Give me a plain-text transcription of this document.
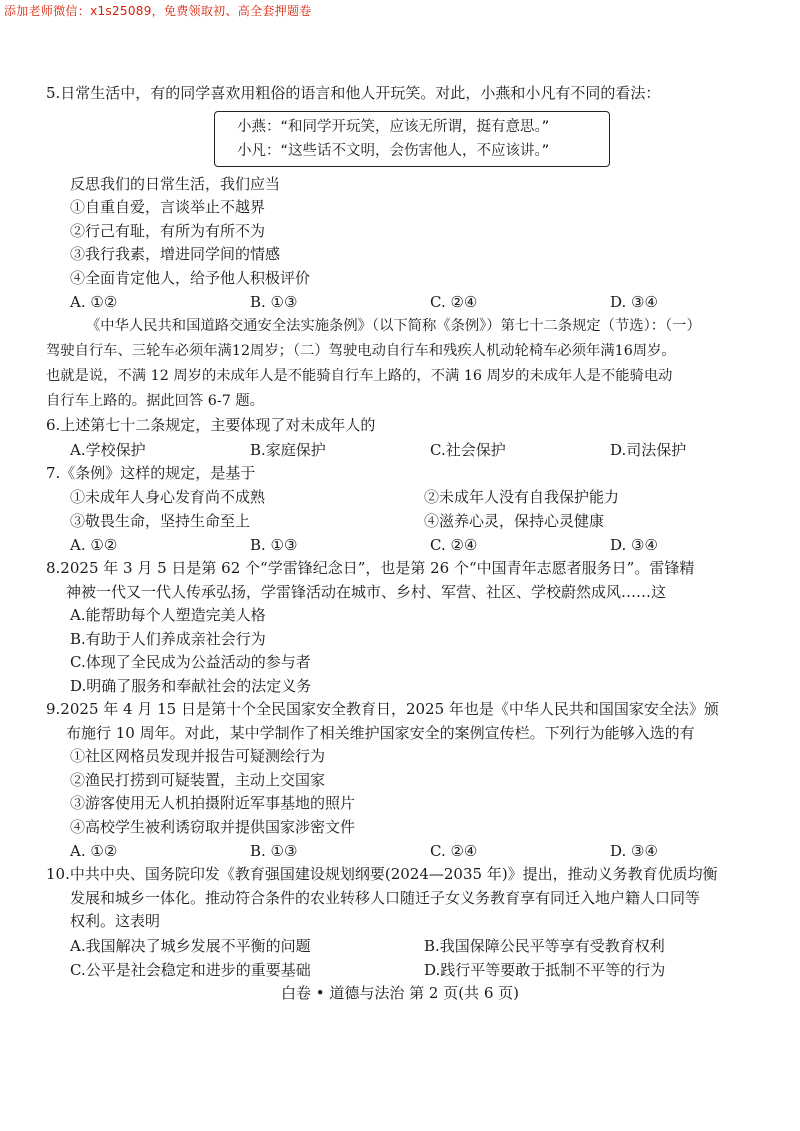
添加老师微信：x1s25089，免费领取初、高全套押题卷
5.日常生活中，有的同学喜欢用粗俗的语言和他人开玩笑。对此，小燕和小凡有不同的看法：
小燕：“和同学开玩笑，应该无所谓，挺有意思。”
小凡：“这些话不文明，会伤害他人，不应该讲。”
反思我们的日常生活，我们应当
①自重自爱，言谈举止不越界
②行己有耻，有所为有所不为
③我行我素，增进同学间的情感
④全面肯定他人，给予他人积极评价
A. ①②	B. ①③	C. ②④	D. ③④
《中华人民共和国道路交通安全法实施条例》（以下简称《条例》）第七十二条规定（节选）：（一）
驾驶自行车、三轮车必须年满12周岁；（二）驾驶电动自行车和残疾人机动轮椅车必须年满16周岁。
也就是说，不满 12 周岁的未成年人是不能骑自行车上路的，不满 16 周岁的未成年人是不能骑电动
自行车上路的。据此回答 6-7 题。
6.上述第七十二条规定，主要体现了对未成年人的
A.学校保护	B.家庭保护	C.社会保护	D.司法保护
7.《条例》这样的规定，是基于
①未成年人身心发育尚不成熟	②未成年人没有自我保护能力
③敬畏生命，坚持生命至上	④滋养心灵，保持心灵健康
A. ①②	B. ①③	C. ②④	D. ③④
8.2025 年 3 月 5 日是第 62 个“学雷锋纪念日”，也是第 26 个“中国青年志愿者服务日”。雷锋精
神被一代又一代人传承弘扬，学雷锋活动在城市、乡村、军营、社区、学校蔚然成风……这
A.能帮助每个人塑造完美人格
B.有助于人们养成亲社会行为
C.体现了全民成为公益活动的参与者
D.明确了服务和奉献社会的法定义务
9.2025 年 4 月 15 日是第十个全民国家安全教育日，2025 年也是《中华人民共和国国家安全法》颁
布施行 10 周年。对此，某中学制作了相关维护国家安全的案例宣传栏。下列行为能够入选的有
①社区网格员发现并报告可疑测绘行为
②渔民打捞到可疑装置，主动上交国家
③游客使用无人机拍摄附近军事基地的照片
④高校学生被利诱窃取并提供国家涉密文件
A. ①②	B. ①③	C. ②④	D. ③④
10.中共中央、国务院印发《教育强国建设规划纲要(2024—2035 年)》提出，推动义务教育优质均衡
发展和城乡一体化。推动符合条件的农业转移人口随迁子女义务教育享有同迁入地户籍人口同等
权利。这表明
A.我国解决了城乡发展不平衡的问题	B.我国保障公民平等享有受教育权利
C.公平是社会稳定和进步的重要基础	D.践行平等要敢于抵制不平等的行为
白卷 • 道德与法治 第 2 页(共 6 页)
